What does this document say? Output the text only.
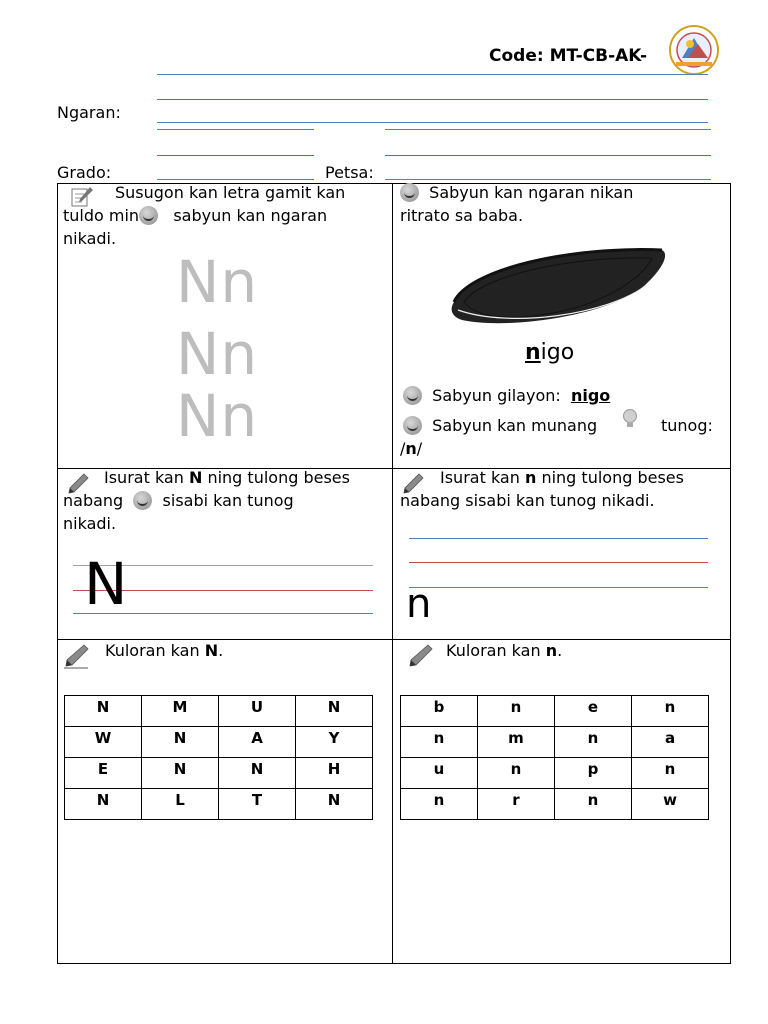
Code: MT-CB-AK-
Ngaran:
Grado:	Petsa:
Susugon kan letra gamit kan
tuldo min sabyun kan ngaran
nikadi.
Nn
Nn
Nn
Sabyun kan ngaran nikan
ritrato sa baba.
nigo
Sabyun gilayon: nigo
Sabyun kan munang	tunog:
/n/
Isurat kan N ning tulong beses
nabang sisabi kan tunog
nikadi.
N
Isurat kan n ning tulong beses
nabang sisabi kan tunog nikadi.
n
Kuloran kan N.
N	M	U	N
W	N	A	Y
E	N	N	H
N	L	T	N
Kuloran kan n.
b	n	e	n
n	m	n	a
u	n	p	n
n	r	n	w
